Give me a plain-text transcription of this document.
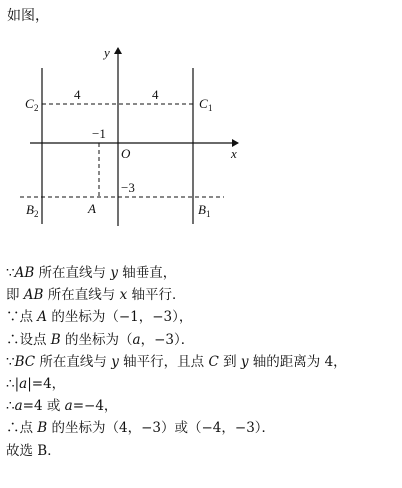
如图，
y
x
O
C 2	C 1
B 2	B 1
A
4	4
−1
−3
∵AB 所在直线与 y 轴垂直，
即 AB 所在直线与 x 轴平行．
∵点 A 的坐标为（−1，−3），
∴设点 B 的坐标为（a，−3）．
∵BC 所在直线与 y 轴平行，且点 C 到 y 轴的距离为 4，
∴|a|=4，
∴a=4 或 a=−4，
∴点 B 的坐标为（4，−3）或（−4，−3）．
故选 B．
